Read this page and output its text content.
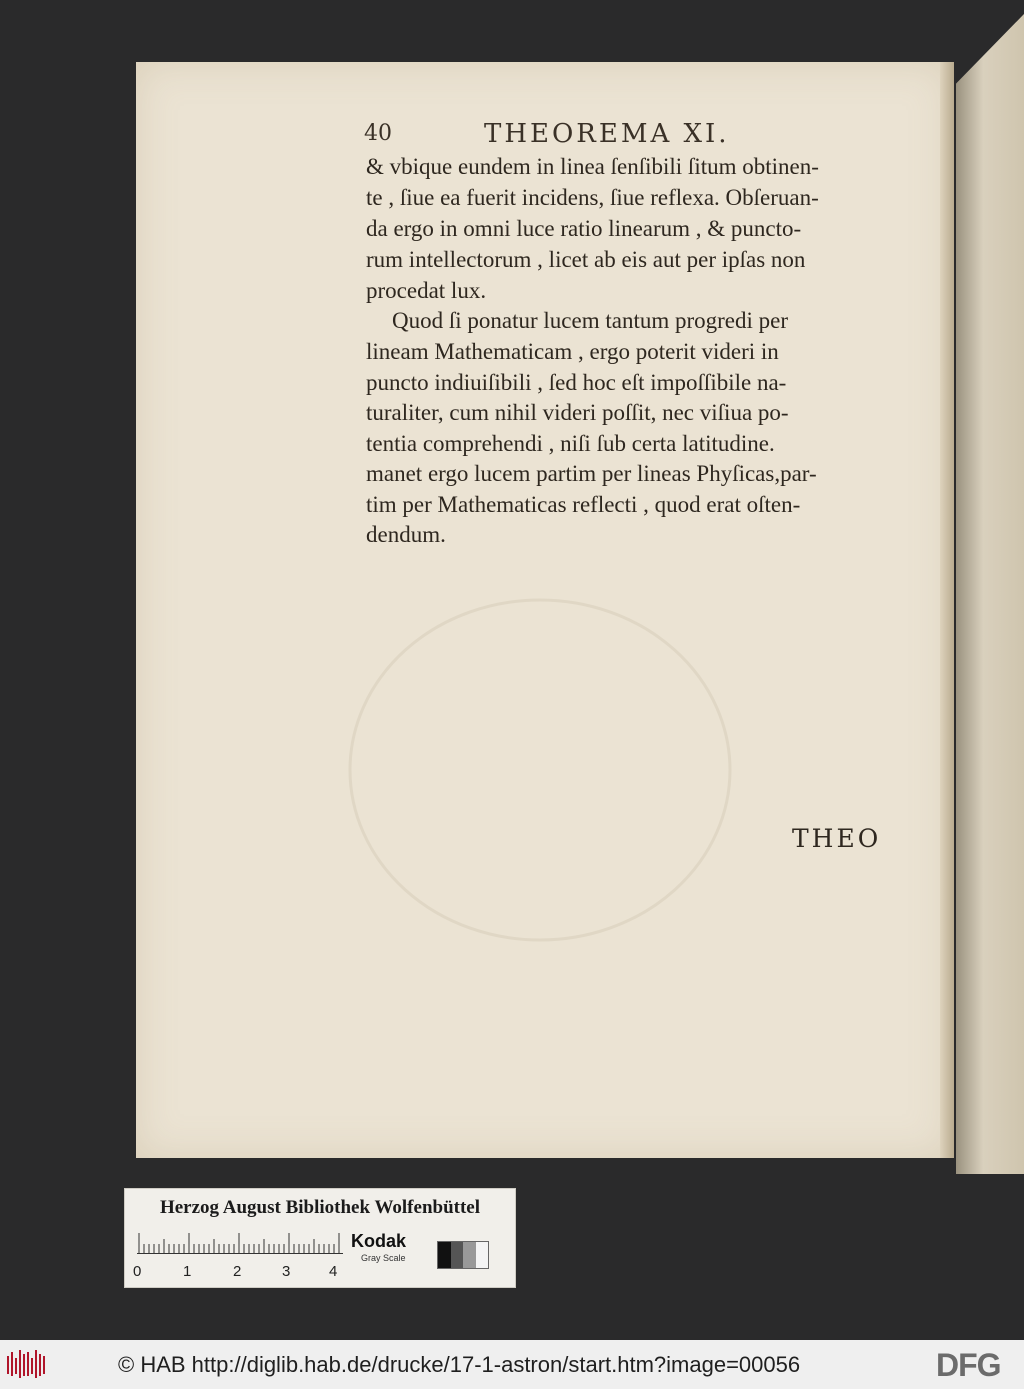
40	THEOREMA XI.

& vbique eundem in linea ſenſibili ſitum obtinen-

te , ſiue ea fuerit incidens, ſiue reflexa. Obſeruan-

da ergo in omni luce ratio linearum , & puncto-

rum intellectorum , licet ab eis aut per ipſas non

procedat lux.

Quod ſi ponatur lucem tantum progredi per

lineam Mathematicam , ergo poterit videri in

puncto indiuiſibili , ſed hoc eſt impoſſibile na-

turaliter, cum nihil videri poſſit, nec viſiua po-

tentia comprehendi , niſi ſub certa latitudine.

manet ergo lucem partim per lineas Phyſicas,par-

tim per Mathematicas reflecti , quod erat oſten-

dendum.

THEO
Herzog August Bibliothek Wolfenbüttel
0	1	2	3	4
Kodak
Gray Scale
© HAB http://diglib.hab.de/drucke/17-1-astron/start.htm?image=00056	DFG
